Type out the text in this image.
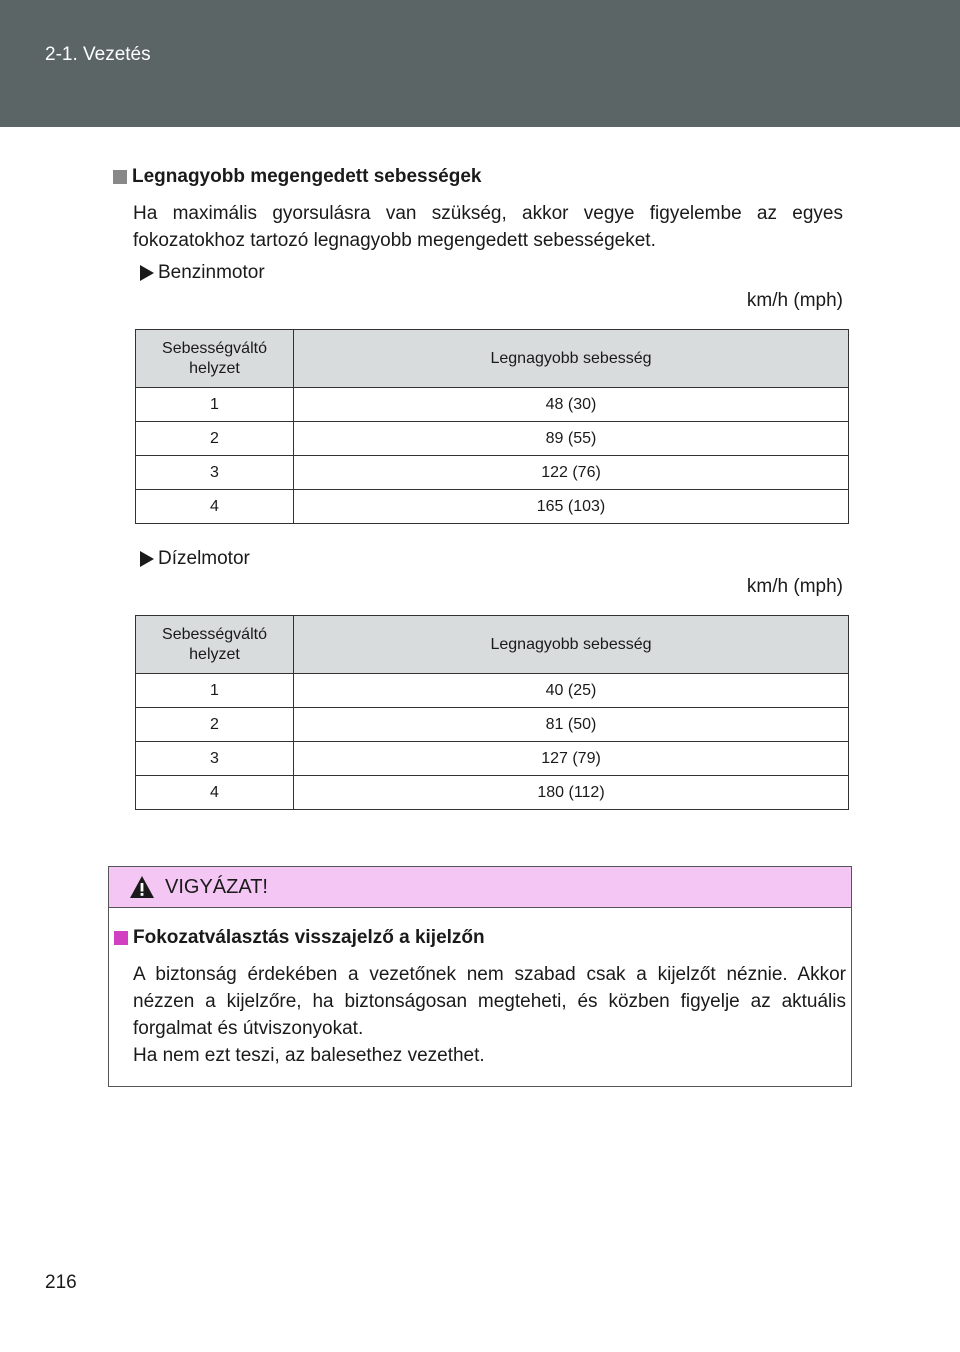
2-1. Vezetés
Legnagyobb megengedett sebességek
Ha maximális gyorsulásra van szükség, akkor vegye figyelembe az egyes fokozatokhoz tartozó legnagyobb megengedett sebességeket.
Benzinmotor
km/h (mph)
Sebességváltó helyzet	Legnagyobb sebesség
1	48 (30)
2	89 (55)
3	122 (76)
4	165 (103)
Dízelmotor
km/h (mph)
Sebességváltó helyzet	Legnagyobb sebesség
1	40 (25)
2	81 (50)
3	127 (79)
4	180 (112)
VIGYÁZAT!
Fokozatválasztás visszajelző a kijelzőn

A biztonság érdekében a vezetőnek nem szabad csak a kijelzőt néznie. Akkor nézzen a kijelzőre, ha biztonságosan megteheti, és közben figyelje az aktuális forgalmat és útviszonyokat.

Ha nem ezt teszi, az balesethez vezethet.

216
